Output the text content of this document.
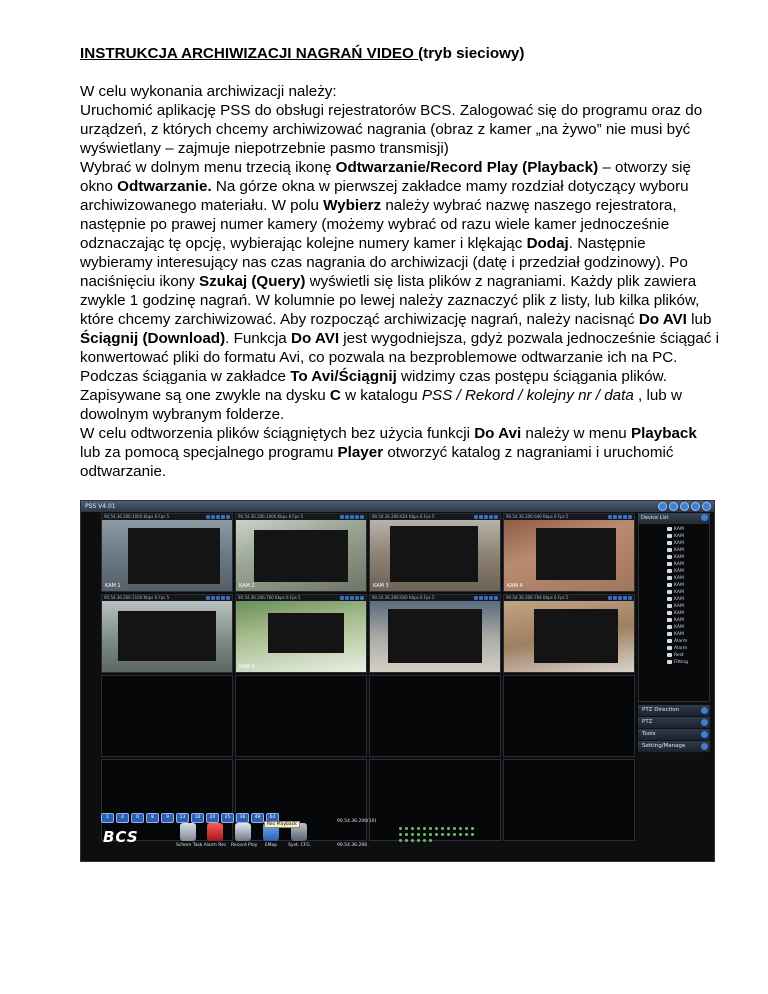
INSTRUKCJA ARCHIWIZACJI NAGRAŃ VIDEO (tryb sieciowy)

W celu wykonania archiwizacji należy:

Uruchomić aplikację PSS do obsługi rejestratorów BCS. Zalogować się do programu oraz do urządzeń, z których chcemy archiwizować nagrania (obraz z kamer „na żywo” nie musi być wyświetlany – zajmuje niepotrzebnie pasmo transmisji)

Wybrać w dolnym menu trzecią ikonę Odtwarzanie/Record Play (Playback) – otworzy się okno Odtwarzanie. Na górze okna w pierwszej zakładce mamy rozdział dotyczący wyboru archiwizowanego materiału. W polu Wybierz należy wybrać nazwę naszego rejestratora, następnie po prawej numer kamery (możemy wybrać od razu wiele kamer jednocześnie odznaczając tę opcję, wybierając kolejne numery kamer i klękając Dodaj. Następnie wybieramy interesujący nas czas nagrania do archiwizacji (datę i przedział godzinowy). Po naciśnięciu ikony Szukaj (Query) wyświetli się lista plików z nagraniami. Każdy plik zawiera zwykle 1 godzinę nagrań. W kolumnie po lewej należy zaznaczyć plik z listy, lub kilka plików, które chcemy zarchiwizować. Aby rozpocząć archiwizację nagrań, należy nacisnąć Do AVI lub Ściągnij (Download). Funkcja Do AVI jest wygodniejsza, gdyż pozwala jednocześnie ściągać i konwertować pliki do formatu Avi, co pozwala na bezproblemowe odtwarzanie ich na PC. Podczas ściągania w zakładce To Avi/Ściągnij widzimy czas postępu ściągania plików. Zapisywane są one zwykle na dysku C w katalogu PSS / Rekord / kolejny nr / data , lub w dowolnym wybranym folderze.

W celu odtworzenia plików ściągniętych bez użycia funkcji Do Avi należy w menu Playback lub za pomocą specjalnego programu Player otworzyć katalog z nagraniami i uruchomić odtwarzanie.

PSS V4.01
90.54.36.206:1000 Kbps 6 Fps 5
KAM 1
90.54.36.206:1000 Kbps 6 Fps 5
KAM 2
90.54.36.206:624 Kbps 6 Fps 5
KAM 3
90.54.36.206:640 Kbps 6 Fps 5
KAM 4
90.54.36.206:1100 Kbps 6 Fps 5	90.54.36.206:760 Kbps 6 Fps 5
KAM 6
90.54.36.206:600 Kbps 6 Fps 5	90.54.36.206:704 Kbps 6 Fps 5
Device List
KAM
KAM
KAM
KAM
KAM
KAM
KAM
KAM
KAM
KAM
KAM
KAM
KAM
KAM
KAM
KAM
Alarm
Alarm
Rest
Fitting
PTZ Direction
PTZ
Tools
Setting/Manage
1	4	6	8	9	13	16	20	25	36	49	64
BCS	Schem Task Alarm Rec Record Play	EMap	Syst. CFG
Rec Playback
90.54.36.206(10)
90.54.36.206
